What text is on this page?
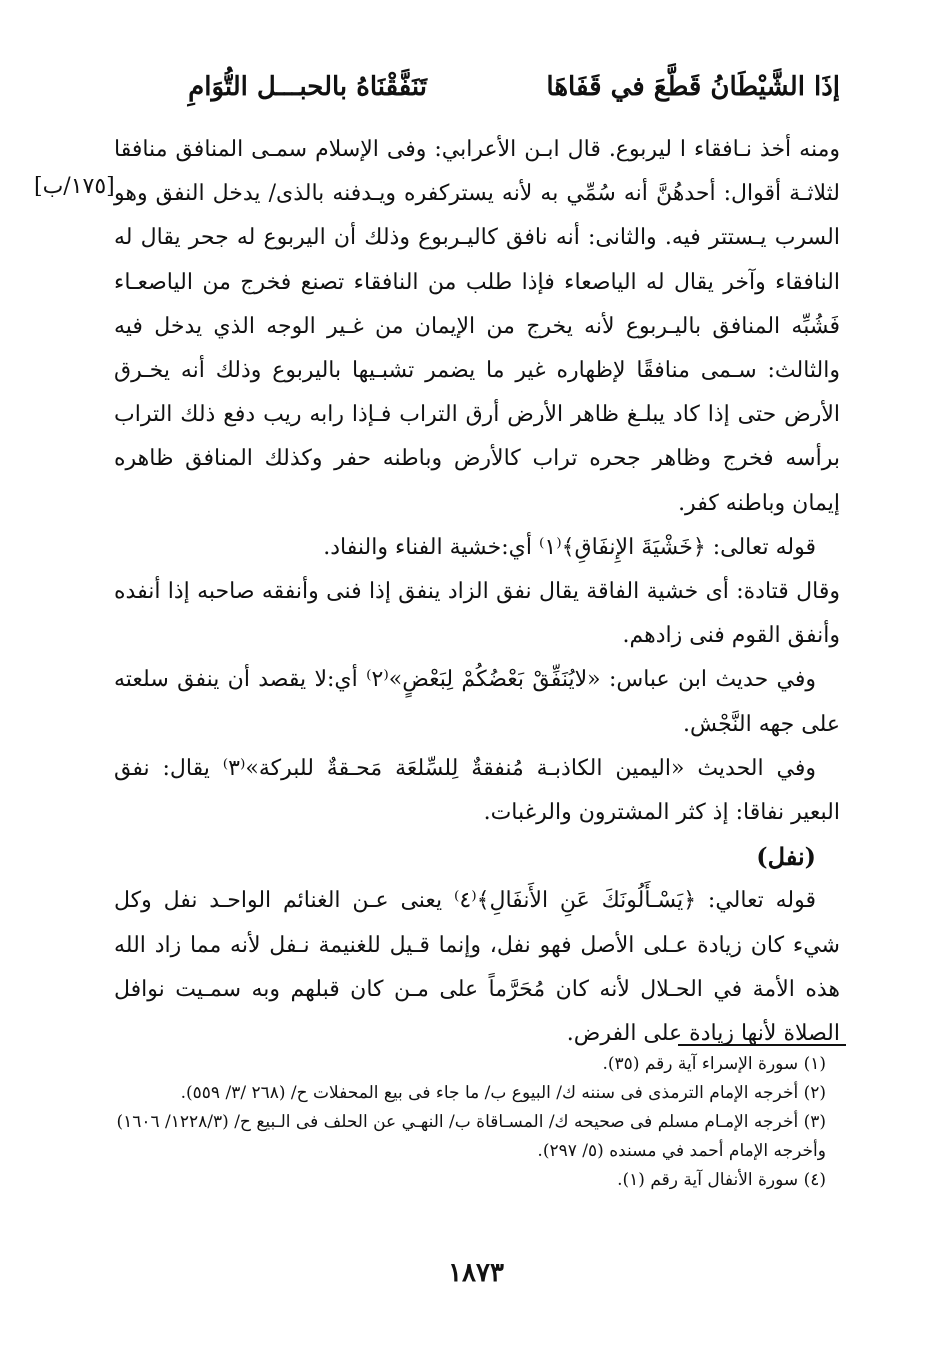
إذَا الشَّيْطَانُ قَطَّعَ في قَفَاهَا
تَنَفَّقْنَاهُ بالحبـــل التُّوَامِ
[١٧٥/ب]

ومنه أخذ نـافقاء ا ليربوع. قال ابـن الأعرابي: وفى الإسلام سمـى المنافق منافقا لثلاثـة أقوال: أحدهُنَّ أنه سُمِّي به لأنه يستركفره ويـدفنه بالذى/ يدخل النفق وهو السرب يـستتر فيه. والثانى: أنه نافق كاليـربوع وذلك أن اليربوع له جحر يقال له النافقاء وآخر يقال له الياصعاء فإذا طلب من النافقاء تصنع فخرج من الياصعـاء فَشُبِّه المنافق باليـربوع لأنه يخرج من الإيمان من غـير الوجه الذي يدخل فيه والثالث: سـمى منافقًا لإظهاره غير ما يضمر تشبـيها باليربوع وذلك أنه يخـرق الأرض حتى إذا كاد يبلـغ ظاهر الأرض أرق التراب فـإذا رابه ريب دفع ذلك التراب برأسه فخرج وظاهر جحره تراب كالأرض وباطنه حفر وكذلك المنافق ظاهره إيمان وباطنه كفر.

قوله تعالى: ﴿خَشْيَةَ الإِنفَاقِ﴾⁽١⁾ أي:خشية الفناء والنفاد.

وقال قتادة: أى خشية الفاقة يقال نفق الزاد ينفق إذا فنى وأنفقه صاحبه إذا أنفده وأنفق القوم فنى زادهم.

وفي حديث ابن عباس: «لايُنَفِّقْ بَعْضُكُمْ لِبَعْضٍ»⁽٢⁾ أي:لا يقصد أن ينفق سلعته على جهه النَّجْش.

وفي الحديث «اليمين الكاذبـة مُنفقةٌ لِلسِّلعَة مَحـقةٌ للبركة»⁽٣⁾ يقال: نفق البعير نفاقا: إذ كثر المشترون والرغبات.

(نفل)

قوله تعالي: ﴿يَسْـأَلُونَكَ عَنِ الأَنفَالِ﴾⁽٤⁾ يعنى عـن الغنائم الواحـد نفل وكل شيء كان زيادة عـلى الأصل فهو نفل، وإنما قـيل للغنيمة نـفل لأنه مما زاد الله هذه الأمة في الحـلال لأنه كان مُحَرَّماً على مـن كان قبلهم وبه سمـيت نوافل الصلاة لأنها زيادة على الفرض.

(١) سورة الإسراء آية رقم (٣٥).

(٢) أخرجه الإمام الترمذى فى سننه ك/ البيوع ب/ ما جاء فى بيع المحفلات ح/ (٢٦٨ /٣/ ٥٥٩).

(٣) أخرجه الإمـام مسلم فى صحيحه ك/ المسـاقاة ب/ النهـي عن الحلف فى الـبيع ح/ (١٢٢٨/٣/ ١٦٠٦) وأخرجه الإمام أحمد في مسنده (٥/ ٢٩٧).

(٤) سورة الأنفال آية رقم (١).

١٨٧٣
